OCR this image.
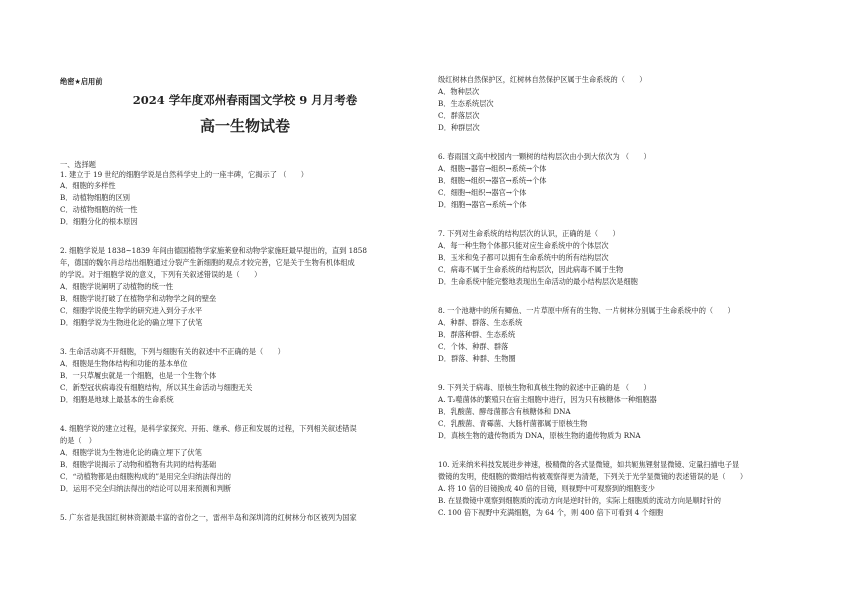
绝密★启用前
2024 学年度邓州春雨国文学校 9 月月考卷
高一生物试卷
一、选择题
1. 建立于 19 世纪的细胞学说是自然科学史上的一座丰碑，它揭示了 （　　）
A．细胞的多样性
B．动植物细胞的区别
C．动植物细胞的统一性
D．细胞分化的根本原因
2. 细胞学说是 1838~1839 年间由德国植物学家施莱登和动物学家施旺最早提出的，直到 1858
年，德国的魏尔肖总结出细胞通过分裂产生新细胞的观点才较完善，它是关于生物有机体组成
的学说。对于细胞学说的意义，下列有关叙述错误的是（　　）
A．细胞学说阐明了动植物的统一性
B．细胞学说打破了在植物学和动物学之间的壁垒
C．细胞学说使生物学的研究进入到分子水平
D．细胞学说为生物进化论的确立埋下了伏笔
3. 生命活动离不开细胞，下列与细胞有关的叙述中不正确的是（　　）
A．细胞是生物体结构和功能的基本单位
B．一只草履虫就是一个细胞，也是一个生物个体
C．新型冠状病毒没有细胞结构，所以其生命活动与细胞无关
D．细胞是地球上最基本的生命系统
4. 细胞学说的建立过程，是科学家探究、开拓、继承、修正和发展的过程，下列相关叙述错误
的是（　）
A．细胞学说为生物进化论的确立埋下了伏笔
B．细胞学说揭示了动物和植物有共同的结构基础
C．“动植物都是由细胞构成的”是用完全归纳法得出的
D．运用不完全归纳法得出的结论可以用来预测和判断
5. 广东省是我国红树林资源最丰富的省份之一，雷州半岛和深圳湾的红树林分布区被列为国家
级红树林自然保护区，红树林自然保护区属于生命系统的（　　）
A．物种层次
B．生态系统层次
C．群落层次
D．种群层次
6. 春雨国文高中校园内一颗树的结构层次由小到大依次为 （　　）
A．细胞→器官→组织→系统→个体
B．细胞→组织→器官→系统→个体
C．细胞→组织→器官→个体
D．细胞→器官→系统→个体
7. 下列对生命系统的结构层次的认识，正确的是（　　）
A．每一种生物个体都只能对应生命系统中的个体层次
B．玉米和兔子都可以拥有生命系统中的所有结构层次
C．病毒不属于生命系统的结构层次，因此病毒不属于生物
D．生命系统中能完整地表现出生命活动的最小结构层次是细胞
8. 一个池塘中的所有鲫鱼、一片草原中所有的生物、一片树林分别属于生命系统中的（　　）
A．种群、群落、生态系统
B．群落种群、生态系统
C．个体、种群、群落
D．群落、种群、生物圈
9. 下列关于病毒、原核生物和真核生物的叙述中正确的是 （　　）
A. T₂噬菌体的繁殖只在宿主细胞中进行，因为只有核糖体一种细胞器
B．乳酸菌、酵母菌都含有核糖体和 DNA
C．乳酸菌、青霉菌、大肠杆菌都属于原核生物
D．真核生物的遗传物质为 DNA，原核生物的遗传物质为 RNA
10. 近来纳米科技发展进步神速，极精微的各式显微镜，如共轭焦锂射显微镜、定量扫描电子显
微镜的发明，使细胞的微细结构被观察得更为清楚，下列关于光学显微镜的表述错误的是（　　）
A. 将 10 倍的目镜换成 40 倍的目镜，则视野中可观察到的细胞变少
B. 在显微镜中观察到细胞质的流动方向是逆时针的，实际上细胞质的流动方向是顺时针的
C. 100 倍下视野中充满细胞，为 64 个，则 400 倍下可看到 4 个细胞
